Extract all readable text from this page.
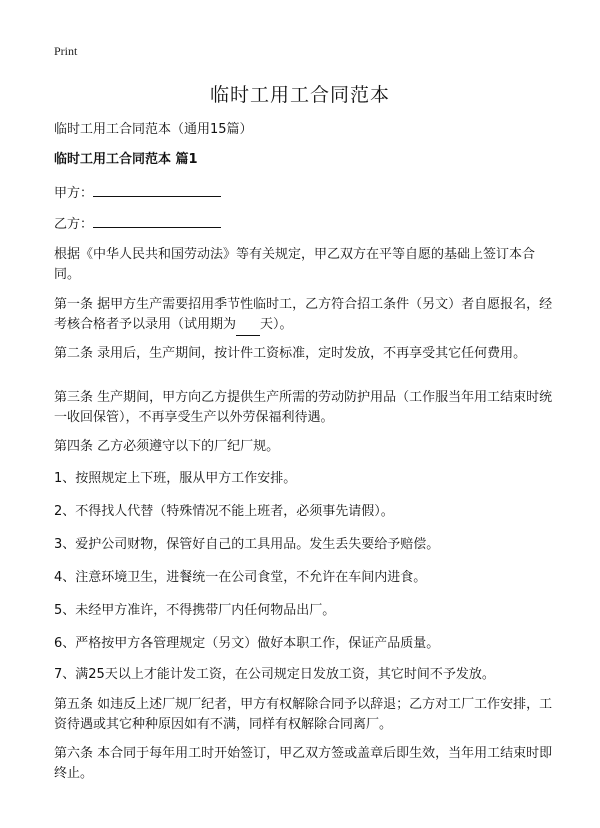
Print
临时工用工合同范本

临时工用工合同范本（通用15篇）

临时工用工合同范本 篇1

甲方：

乙方：

根据《中华人民共和国劳动法》等有关规定，甲乙双方在平等自愿的基础上签订本合同。

第一条 据甲方生产需要招用季节性临时工，乙方符合招工条件（另文）者自愿报名，经考核合格者予以录用（试用期为 天）。

第二条 录用后，生产期间，按计件工资标准，定时发放，不再享受其它任何费用。

第三条 生产期间，甲方向乙方提供生产所需的劳动防护用品（工作服当年用工结束时统一收回保管），不再享受生产以外劳保福利待遇。

第四条 乙方必须遵守以下的厂纪厂规。

1、按照规定上下班，服从甲方工作安排。

2、不得找人代替（特殊情况不能上班者，必须事先请假）。

3、爱护公司财物，保管好自己的工具用品。发生丢失要给予赔偿。

4、注意环境卫生，进餐统一在公司食堂，不允许在车间内进食。

5、未经甲方准许，不得携带厂内任何物品出厂。

6、严格按甲方各管理规定（另文）做好本职工作，保证产品质量。

7、满25天以上才能计发工资，在公司规定日发放工资，其它时间不予发放。

第五条 如违反上述厂规厂纪者，甲方有权解除合同予以辞退；乙方对工厂工作安排，工资待遇或其它种种原因如有不满，同样有权解除合同离厂。

第六条 本合同于每年用工时开始签订，甲乙双方签或盖章后即生效，当年用工结束时即终止。
